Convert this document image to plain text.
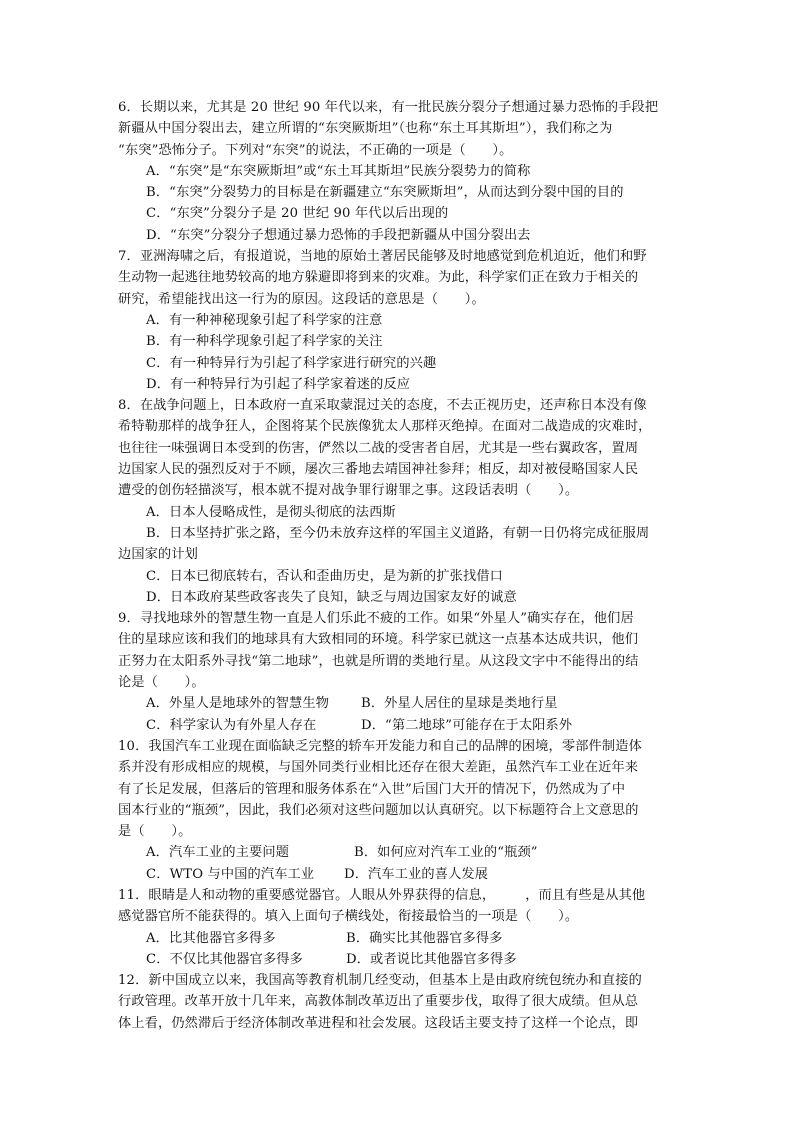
6．长期以来，尤其是 20 世纪 90 年代以来，有一批民族分裂分子想通过暴力恐怖的手段把

新疆从中国分裂出去，建立所谓的“东突厥斯坦”（也称“东土耳其斯坦”），我们称之为

“东突”恐怖分子。下列对“东突”的说法，不正确的一项是（　　）。

A．“东突”是“东突厥斯坦”或“东土耳其斯坦”民族分裂势力的简称

B．“东突”分裂势力的目标是在新疆建立“东突厥斯坦”，从而达到分裂中国的目的

C．“东突”分裂分子是 20 世纪 90 年代以后出现的

D．“东突”分裂分子想通过暴力恐怖的手段把新疆从中国分裂出去

7．亚洲海啸之后，有报道说，当地的原始土著居民能够及时地感觉到危机迫近，他们和野

生动物一起逃往地势较高的地方躲避即将到来的灾难。为此，科学家们正在致力于相关的

研究，希望能找出这一行为的原因。这段话的意思是（　　）。

A．有一种神秘现象引起了科学家的注意

B．有一种科学现象引起了科学家的关注

C．有一种特异行为引起了科学家进行研究的兴趣

D．有一种特异行为引起了科学家着迷的反应

8．在战争问题上，日本政府一直采取蒙混过关的态度，不去正视历史，还声称日本没有像

希特勒那样的战争狂人，企图将某个民族像犹太人那样灭绝掉。在面对二战造成的灾难时，

也往往一味强调日本受到的伤害，俨然以二战的受害者自居，尤其是一些右翼政客，置周

边国家人民的强烈反对于不顾，屡次三番地去靖国神社参拜；相反，却对被侵略国家人民

遭受的创伤轻描淡写，根本就不提对战争罪行谢罪之事。这段话表明（　　）。

A．日本人侵略成性，是彻头彻底的法西斯

B．日本坚持扩张之路，至今仍未放弃这样的军国主义道路，有朝一日仍将完成征服周

边国家的计划

C．日本已彻底转右，否认和歪曲历史，是为新的扩张找借口

D．日本政府某些政客丧失了良知，缺乏与周边国家友好的诚意

9．寻找地球外的智慧生物一直是人们乐此不疲的工作。如果“外星人”确实存在，他们居

住的星球应该和我们的地球具有大致相同的环境。科学家已就这一点基本达成共识，他们

正努力在太阳系外寻找“第二地球”，也就是所谓的类地行星。从这段文字中不能得出的结

论是（　　）。

A．外星人是地球外的智慧生物 B．外星人居住的星球是类地行星

C．科学家认为有外星人存在	D．“第二地球”可能存在于太阳系外

10．我国汽车工业现在面临缺乏完整的轿车开发能力和自己的品牌的困境，零部件制造体

系并没有形成相应的规模，与国外同类行业相比还存在很大差距，虽然汽车工业在近年来

有了长足发展，但落后的管理和服务体系在“入世”后国门大开的情况下，仍然成为了中

国本行业的“瓶颈”，因此，我们必须对这些问题加以认真研究。以下标题符合上文意思的

是（　　）。

A．汽车工业的主要问题	B．如何应对汽车工业的“瓶颈”

C．WTO 与中国的汽车工业 D．汽车工业的喜人发展

11．眼睛是人和动物的重要感觉器官。人眼从外界获得的信息， ，而且有些是从其他

感觉器官所不能获得的。填入上面句子横线处，衔接最恰当的一项是（　　）。

A．比其他器官多得多	B．确实比其他器官多得多

C．不仅比其他器官多得多	D．或者说比其他器官多得多

12．新中国成立以来，我国高等教育机制几经变动，但基本上是由政府统包统办和直接的

行政管理。改革开放十几年来，高教体制改革迈出了重要步伐，取得了很大成绩。但从总

体上看，仍然滞后于经济体制改革进程和社会发展。这段话主要支持了这样一个论点，即
